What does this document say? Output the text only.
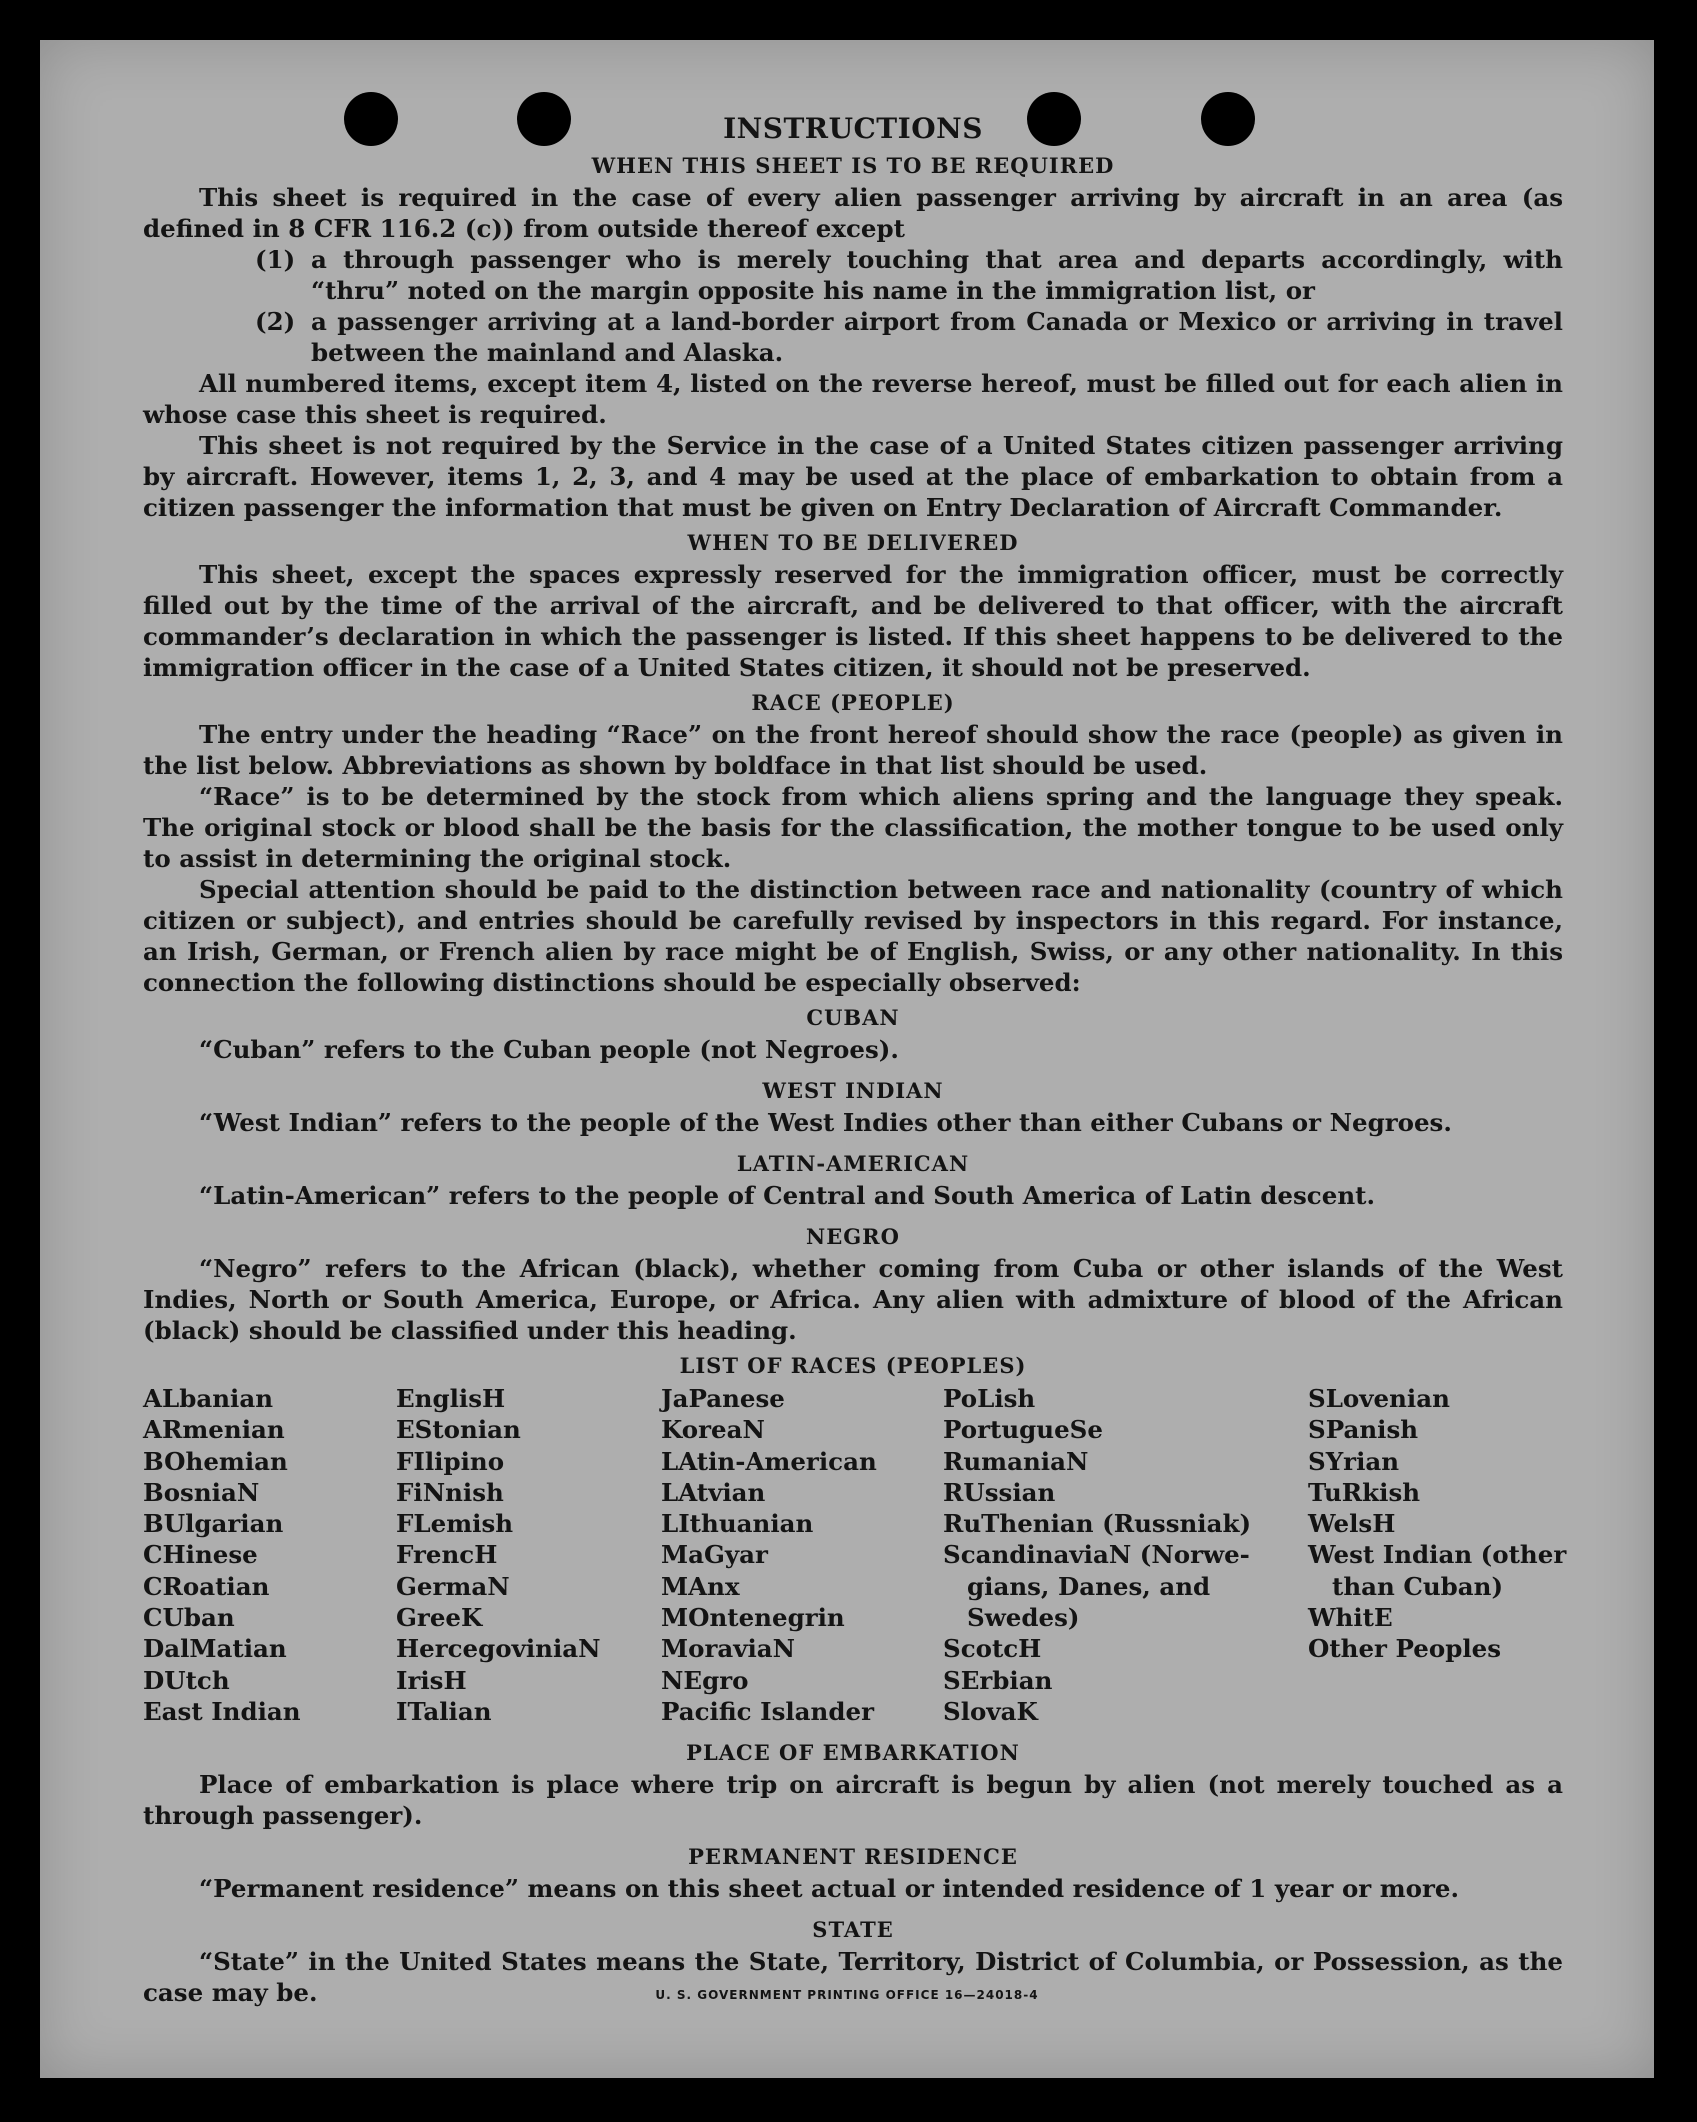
INSTRUCTIONS
WHEN THIS SHEET IS TO BE REQUIRED

This sheet is required in the case of every alien passenger arriving by aircraft in an area (as defined in 8 CFR 116.2 (c)) from outside thereof except

(1) a through passenger who is merely touching that area and departs accordingly, with “thru” noted on the margin opposite his name in the immigration list, or
(2) a passenger arriving at a land-border airport from Canada or Mexico or arriving in travel between the mainland and Alaska.

All numbered items, except item 4, listed on the reverse hereof, must be filled out for each alien in whose case this sheet is required.

This sheet is not required by the Service in the case of a United States citizen passenger arriving by aircraft. However, items 1, 2, 3, and 4 may be used at the place of embarkation to obtain from a citizen passenger the information that must be given on Entry Declaration of Aircraft Commander.

WHEN TO BE DELIVERED

This sheet, except the spaces expressly reserved for the immigration officer, must be correctly filled out by the time of the arrival of the aircraft, and be delivered to that officer, with the aircraft commander’s declaration in which the passenger is listed. If this sheet happens to be delivered to the immigration officer in the case of a United States citizen, it should not be preserved.

RACE (PEOPLE)

The entry under the heading “Race” on the front hereof should show the race (people) as given in the list below. Abbreviations as shown by boldface in that list should be used.

“Race” is to be determined by the stock from which aliens spring and the language they speak. The original stock or blood shall be the basis for the classification, the mother tongue to be used only to assist in determining the original stock.

Special attention should be paid to the distinction between race and nationality (country of which citizen or subject), and entries should be carefully revised by inspectors in this regard. For instance, an Irish, German, or French alien by race might be of English, Swiss, or any other nationality. In this connection the following distinctions should be especially observed:

CUBAN

“Cuban” refers to the Cuban people (not Negroes).

WEST INDIAN

“West Indian” refers to the people of the West Indies other than either Cubans or Negroes.

LATIN-AMERICAN

“Latin-American” refers to the people of Central and South America of Latin descent.

NEGRO

“Negro” refers to the African (black), whether coming from Cuba or other islands of the West Indies, North or South America, Europe, or Africa. Any alien with admixture of blood of the African (black) should be classified under this heading.

LIST OF RACES (PEOPLES)
ALbanian
ARmenian
BOhemian
BosniaN
BUlgarian
CHinese
CRoatian
CUban
DalMatian
DUtch
East Indian
EnglisH
EStonian
FIlipino
FiNnish
FLemish
FrencH
GermaN
GreeK
HercegoviniaN
IrisH
ITalian
JaPanese
KoreaN
LAtin-American
LAtvian
LIthuanian
MaGyar
MAnx
MOntenegrin
MoraviaN
NEgro
Pacific Islander
PoLish
PortugueSe
RumaniaN
RUssian
RuThenian (Russniak)
ScandinaviaN (Norwe-
gians, Danes, and
Swedes)
ScotcH
SErbian
SlovaK
SLovenian
SPanish
SYrian
TuRkish
WelsH
West Indian (other
than Cuban)
WhitE
Other Peoples
PLACE OF EMBARKATION

Place of embarkation is place where trip on aircraft is begun by alien (not merely touched as a through passenger).

PERMANENT RESIDENCE

“Permanent residence” means on this sheet actual or intended residence of 1 year or more.

STATE

“State” in the United States means the State, Territory, District of Columbia, or Possession, as the case may be.	U. S. GOVERNMENT PRINTING OFFICE 16—24018-4
